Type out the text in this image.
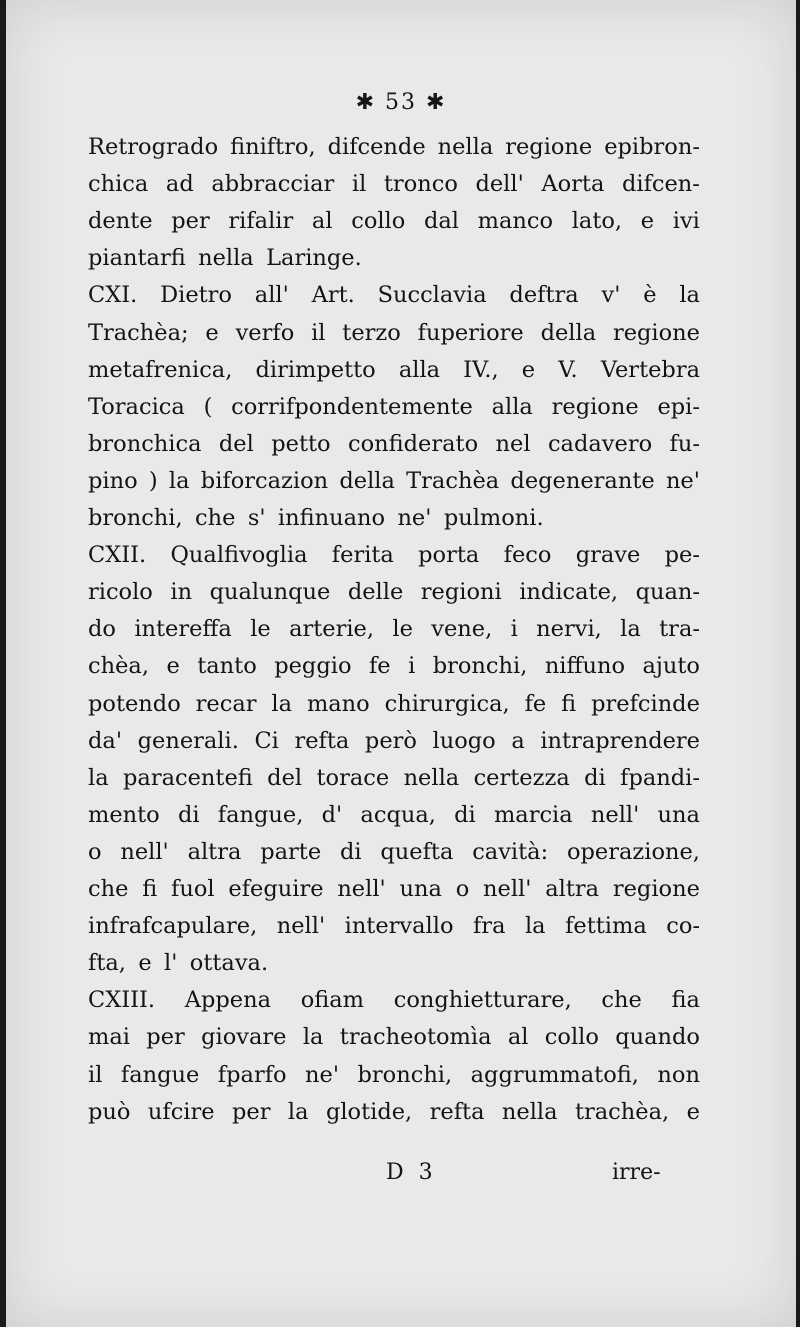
✱ 53 ✱
Retrogrado finiftro, difcende nella regione epibron-
chica ad abbracciar il tronco dell' Aorta difcen-
dente per rifalir al collo dal manco lato, e ivi
piantarfi nella Laringe.
CXI. Dietro all' Art. Succlavia deftra v' è la
Trachèa; e verfo il terzo fuperiore della regione
metafrenica, dirimpetto alla IV., e V. Vertebra
Toracica ( corrifpondentemente alla regione epi-
bronchica del petto confiderato nel cadavero fu-
pino ) la biforcazion della Trachèa degenerante ne'
bronchi, che s' infinuano ne' pulmoni.
CXII. Qualfivoglia ferita porta feco grave pe-
ricolo in qualunque delle regioni indicate, quan-
do intereffa le arterie, le vene, i nervi, la tra-
chèa, e tanto peggio fe i bronchi, niffuno ajuto
potendo recar la mano chirurgica, fe fi prefcinde
da' generali. Ci refta però luogo a intraprendere
la paracentefi del torace nella certezza di fpandi-
mento di fangue, d' acqua, di marcia nell' una
o nell' altra parte di quefta cavità: operazione,
che fi fuol efeguire nell' una o nell' altra regione
infrafcapulare, nell' intervallo fra la fettima co-
fta, e l' ottava.
CXIII. Appena ofiam conghietturare, che fia
mai per giovare la tracheotomìa al collo quando
il fangue fparfo ne' bronchi, aggrummatofi, non
può ufcire per la glotide, refta nella trachèa, e
D 3	irre-
